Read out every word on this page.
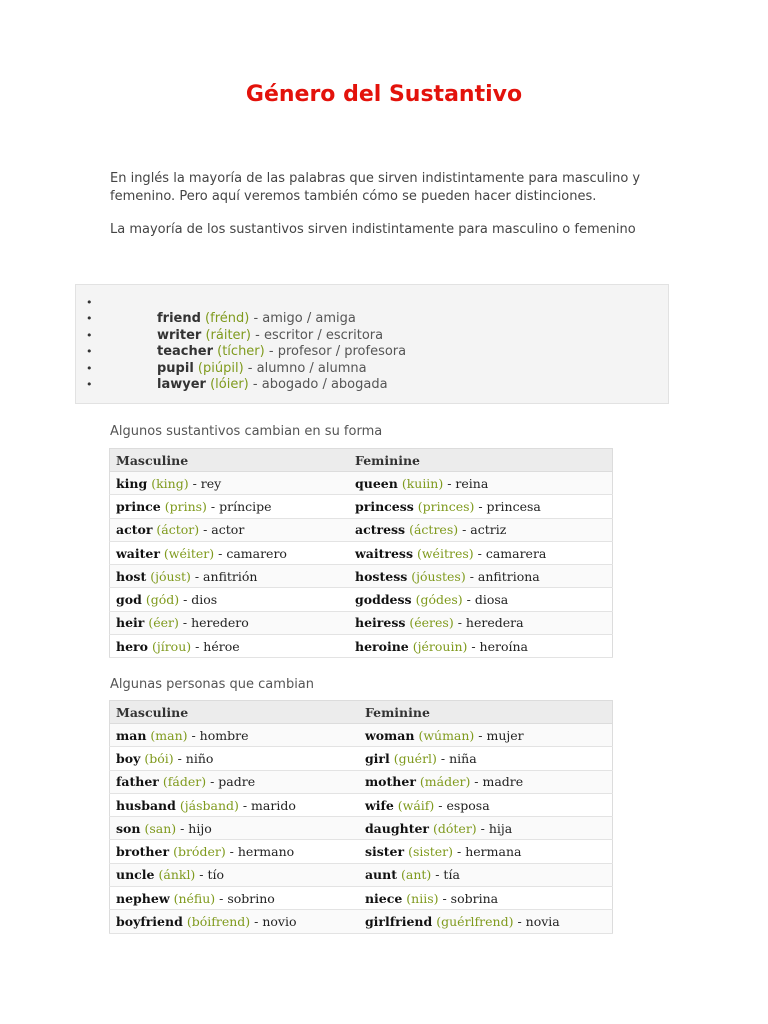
Género del Sustantivo

En inglés la mayoría de las palabras que sirven indistintamente para masculino y femenino. Pero aquí veremos también cómo se pueden hacer distinciones.

La mayoría de los sustantivos sirven indistintamente para masculino o femenino

•
•	friend (frénd) - amigo / amiga
•	writer (ráiter) - escritor / escritora
•	teacher (tícher) - profesor / profesora
•	pupil (piúpil) - alumno / alumna
•	lawyer (lóier) - abogado / abogada

Algunos sustantivos cambian en su forma

Masculine	Feminine
king (king) - rey	queen (kuiin) - reina
prince (prins) - príncipe	princess (princes) - princesa
actor (áctor) - actor	actress (áctres) - actriz
waiter (wéiter) - camarero	waitress (wéitres) - camarera
host (jóust) - anfitrión	hostess (jóustes) - anfitriona
god (gód) - dios	goddess (gódes) - diosa
heir (éer) - heredero	heiress (éeres) - heredera
hero (jírou) - héroe	heroine (jérouin) - heroína

Algunas personas que cambian

Masculine	Feminine
man (man) - hombre	woman (wúman) - mujer
boy (bói) - niño	girl (guérl) - niña
father (fáder) - padre	mother (máder) - madre
husband (jásband) - marido	wife (wáif) - esposa
son (san) - hijo	daughter (dóter) - hija
brother (bróder) - hermano	sister (sister) - hermana
uncle (ánkl) - tío	aunt (ant) - tía
nephew (néfiu) - sobrino	niece (niis) - sobrina
boyfriend (bóifrend) - novio	girlfriend (guérlfrend) - novia
